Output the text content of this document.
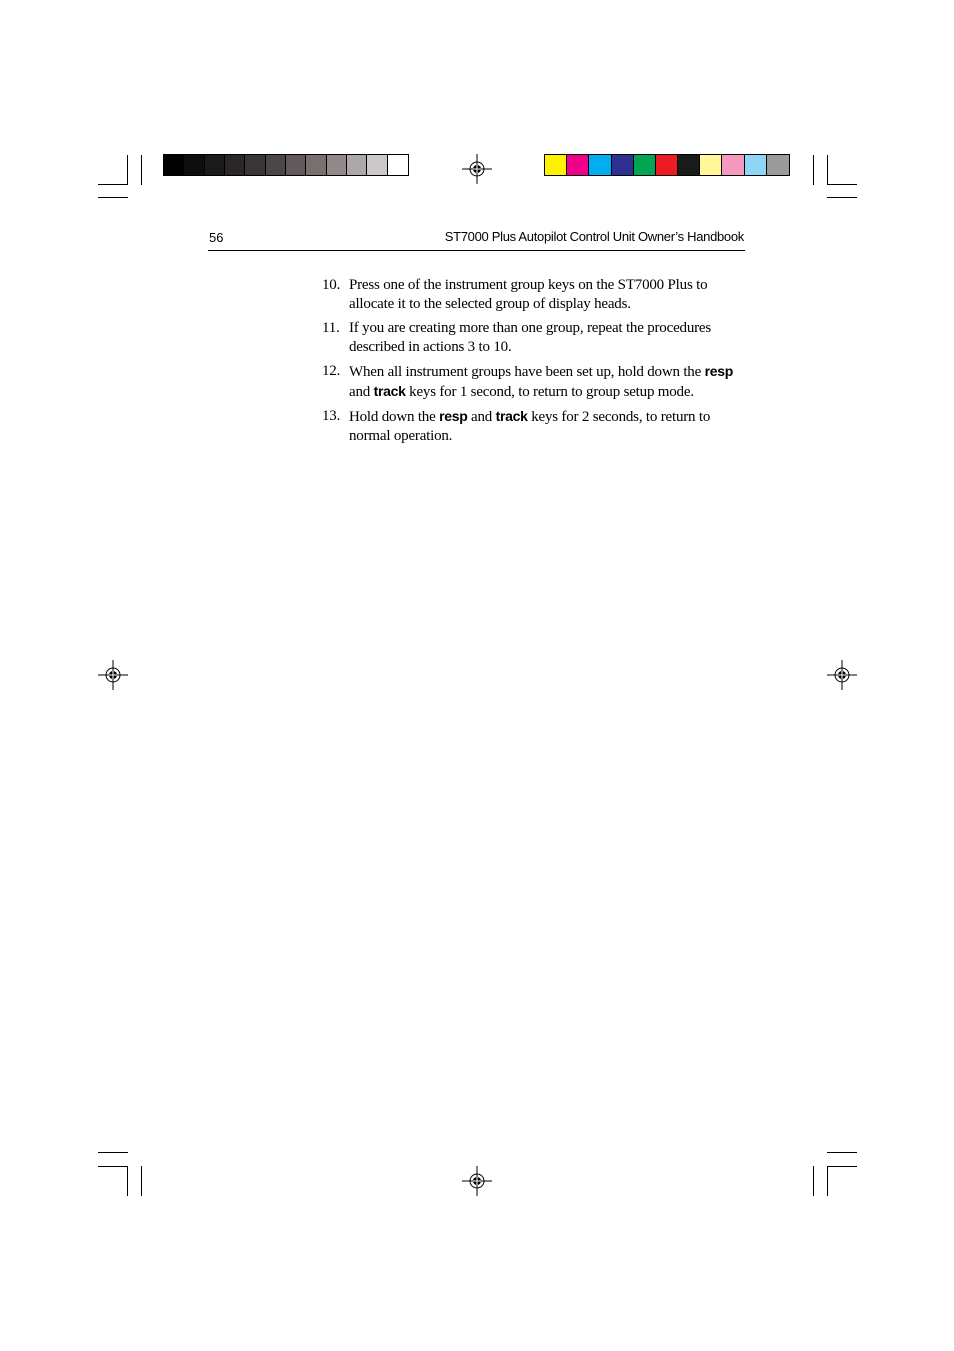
56	ST7000 Plus Autopilot Control Unit Owner’s Handbook
10. Press one of the instrument group keys on the ST7000 Plus to
allocate it to the selected group of display heads.
11. If you are creating more than one group, repeat the procedures
described in actions 3 to 10.
12. When all instrument groups have been set up, hold down the resp
and track keys for 1 second, to return to group setup mode.
13. Hold down the resp and track keys for 2 seconds, to return to
normal operation.
